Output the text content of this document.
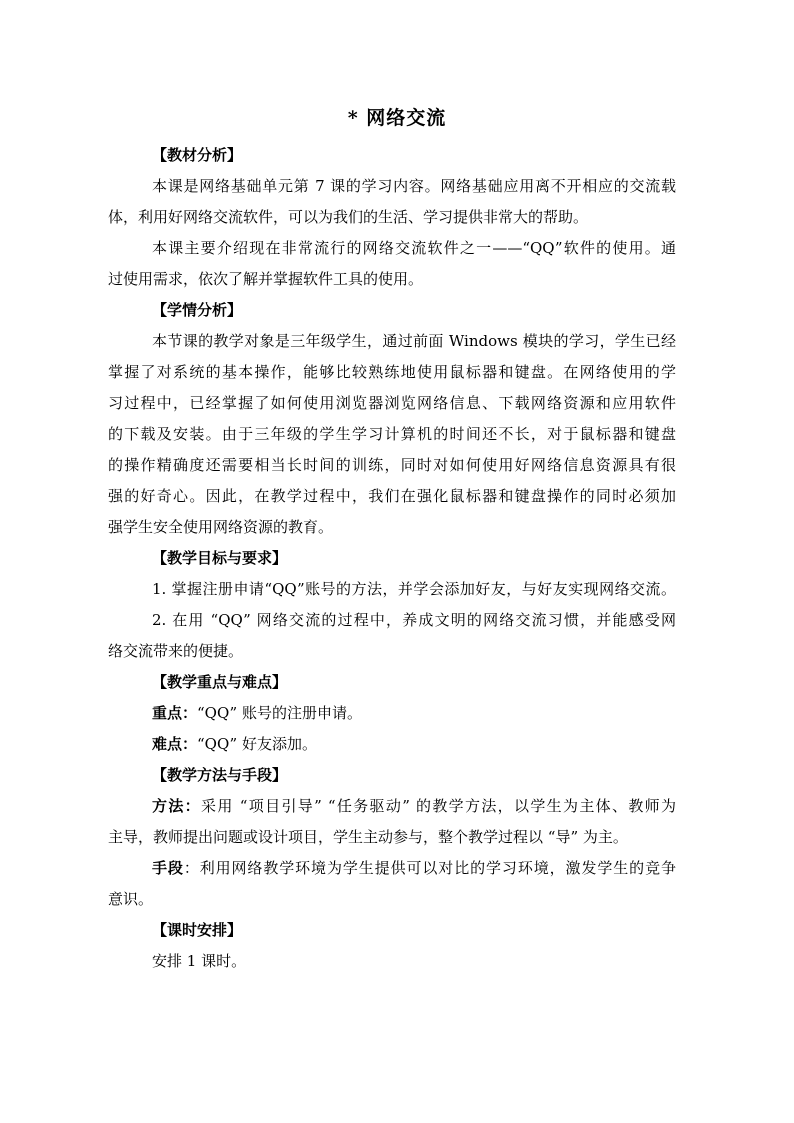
* 网络交流
【教材分析】
本课是网络基础单元第 7 课的学习内容。网络基础应用离不开相应的交流载
体，利用好网络交流软件，可以为我们的生活、学习提供非常大的帮助。
本课主要介绍现在非常流行的网络交流软件之一——“QQ”软件的使用。通
过使用需求，依次了解并掌握软件工具的使用。
【学情分析】
本节课的教学对象是三年级学生，通过前面 Windows 模块的学习，学生已经
掌握了对系统的基本操作，能够比较熟练地使用鼠标器和键盘。在网络使用的学
习过程中，已经掌握了如何使用浏览器浏览网络信息、下载网络资源和应用软件
的下载及安装。由于三年级的学生学习计算机的时间还不长，对于鼠标器和键盘
的操作精确度还需要相当长时间的训练，同时对如何使用好网络信息资源具有很
强的好奇心。因此，在教学过程中，我们在强化鼠标器和键盘操作的同时必须加
强学生安全使用网络资源的教育。
【教学目标与要求】
1. 掌握注册申请“QQ”账号的方法，并学会添加好友，与好友实现网络交流。
2. 在用 “QQ” 网络交流的过程中，养成文明的网络交流习惯，并能感受网
络交流带来的便捷。
【教学重点与难点】
重点：“QQ” 账号的注册申请。
难点：“QQ” 好友添加。
【教学方法与手段】
方法：采用 “项目引导” “任务驱动” 的教学方法，以学生为主体、教师为
主导，教师提出问题或设计项目，学生主动参与，整个教学过程以 “导” 为主。
手段：利用网络教学环境为学生提供可以对比的学习环境，激发学生的竞争
意识。
【课时安排】
安排 1 课时。
